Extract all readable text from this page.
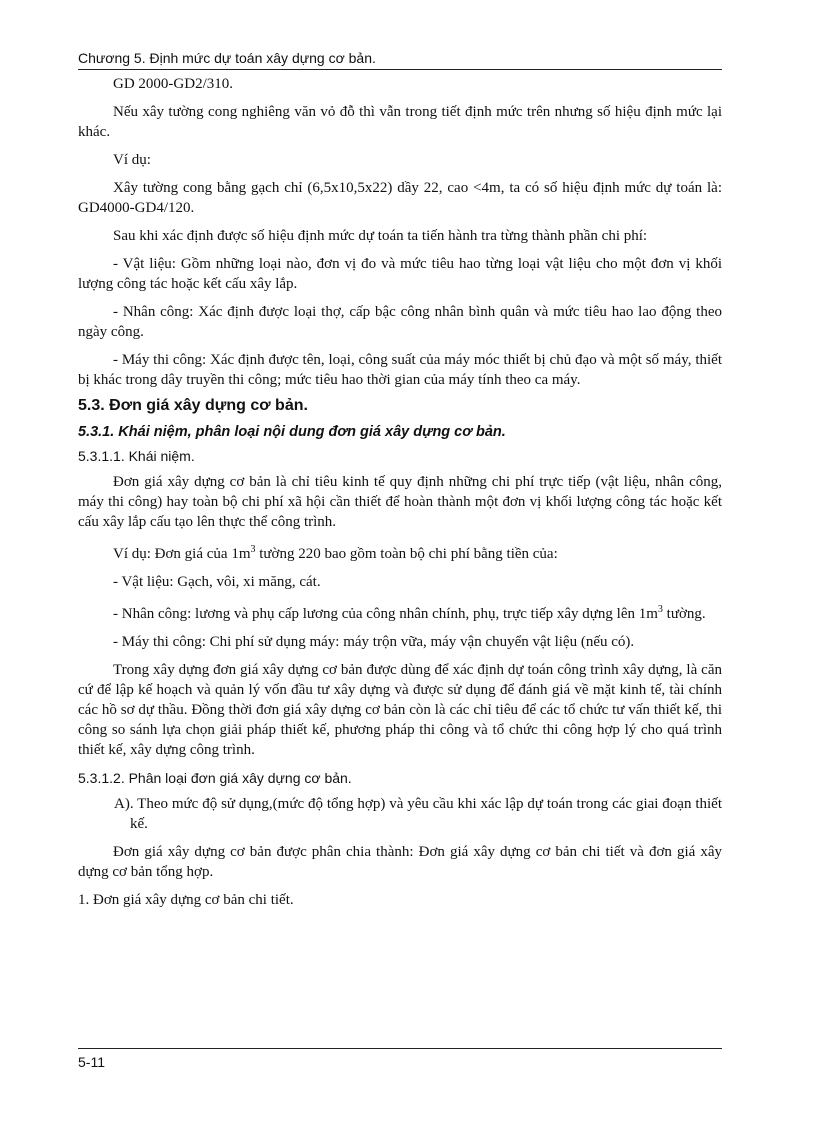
Chương 5. Định mức dự toán xây dựng cơ bản.

GD 2000-GD2/310.

Nếu xây tường cong nghiêng văn vỏ đỗ thì vẫn trong tiết định mức trên nhưng số hiệu định mức lại khác.

Ví dụ:

Xây tường cong bằng gạch chỉ (6,5x10,5x22) dầy 22, cao <4m, ta có số hiệu định mức dự toán là: GD4000-GD4/120.

Sau khi xác định được số hiệu định mức dự toán ta tiến hành tra từng thành phần chi phí:

- Vật liệu: Gồm những loại nào, đơn vị đo và mức tiêu hao từng loại vật liệu cho một đơn vị khối lượng công tác hoặc kết cấu xây lắp.

- Nhân công: Xác định được loại thợ, cấp bậc công nhân bình quân và mức tiêu hao lao động theo ngày công.

- Máy thi công: Xác định được tên, loại, công suất của máy móc thiết bị chủ đạo và một số máy, thiết bị khác trong dây truyền thi công; mức tiêu hao thời gian của máy tính theo ca máy.

5.3. Đơn giá xây dựng cơ bản.

5.3.1. Khái niệm, phân loại nội dung đơn giá xây dựng cơ bản.

5.3.1.1. Khái niệm.

Đơn giá xây dựng cơ bản là chỉ tiêu kinh tế quy định những chi phí trực tiếp (vật liệu, nhân công, máy thi công) hay toàn bộ chi phí xã hội cần thiết để hoàn thành một đơn vị khối lượng công tác hoặc kết cấu xây lắp cấu tạo lên thực thể công trình.

Ví dụ: Đơn giá của $1m^3$ tường 220 bao gồm toàn bộ chi phí bằng tiền của:

- Vật liệu: Gạch, vôi, xi măng, cát.

- Nhân công: lương và phụ cấp lương của công nhân chính, phụ, trực tiếp xây dựng lên $1m^3$ tường.

- Máy thi công: Chi phí sử dụng máy: máy trộn vữa, máy vận chuyển vật liệu (nếu có).

Trong xây dựng đơn giá xây dựng cơ bản được dùng để xác định dự toán công trình xây dựng, là căn cứ để lập kế hoạch và quản lý vốn đầu tư xây dựng và được sử dụng để đánh giá về mặt kinh tế, tài chính các hồ sơ dự thầu. Đồng thời đơn giá xây dựng cơ bản còn là các chỉ tiêu để các tổ chức tư vấn thiết kế, thi công so sánh lựa chọn giải pháp thiết kế, phương pháp thi công và tổ chức thi công hợp lý cho quá trình thiết kế, xây dựng công trình.

5.3.1.2. Phân loại đơn giá xây dựng cơ bản.

A). Theo mức độ sử dụng,(mức độ tổng hợp) và yêu cầu khi xác lập dự toán trong các giai đoạn thiết kế.

Đơn giá xây dựng cơ bản được phân chia thành: Đơn giá xây dựng cơ bản chi tiết và đơn giá xây dựng cơ bản tổng hợp.

1. Đơn giá xây dựng cơ bản chi tiết.

5-11
